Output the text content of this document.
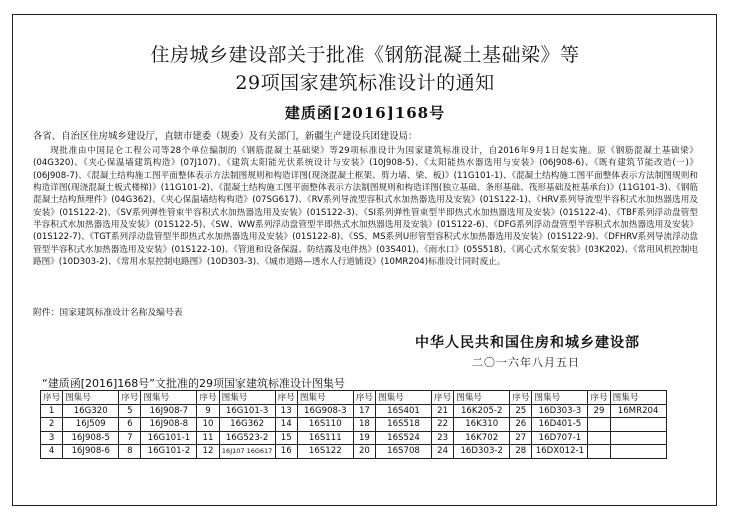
住房城乡建设部关于批准《钢筋混凝土基础梁》等
29项国家建筑标准设计的通知
建质函[2016]168号
各省、自治区住房城乡建设厅，直辖市建委（规委）及有关部门，新疆生产建设兵团建设局：
现批准由中国昆仑工程公司等28个单位编制的《钢筋混凝土基础梁》等29项标准设计为国家建筑标准设计，自2016年9月1日起实施。原《钢筋混凝土基础梁》(04G320)、《夹心保温墙建筑构造》(07J107)、《建筑太阳能光伏系统设计与安装》(10J908-5)、《太阳能热水器选用与安装》(06J908-6)、《既有建筑节能改造(一)》(06J908-7)、《混凝土结构施工图平面整体表示方法制图规则和构造详图(现浇混凝土框架、剪力墙、梁、板)》(11G101-1)、《混凝土结构施工图平面整体表示方法制图规则和构造详图(现浇混凝土板式楼梯)》(11G101-2)、《混凝土结构施工图平面整体表示方法制图规则和构造详图(独立基础、条形基础、筏形基础及桩基承台)》(11G101-3)、《钢筋混凝土结构预埋件》(04G362)、《夹心保温墙结构构造》(07SG617)、《RV系列导流型容积式水加热器选用及安装》(01S122-1)、《HRV系列导流型半容积式水加热器选用及安装》(01S122-2)、《SV系列弹性管束半容积式水加热器选用及安装》(01S122-3)、《SI系列弹性管束型半即热式水加热器选用及安装》(01S122-4)、《TBF系列浮动盘管型半容积式水加热器选用及安装》(01S122-5)、《SW、WW系列浮动盘管型半即热式水加热器选用及安装》(01S122-6)、《DFG系列浮动盘管型半容积式水加热器选用及安装》(01S122-7)、《TGT系列浮动盘管型半即热式水加热器选用及安装》(01S122-8)、《SS、MS系列U形管型容积式水加热器选用及安装》(01S122-9)、《DFHRV系列导流浮动盘管型半容积式水加热器选用及安装》(01S122-10)、《管道和设备保温、防结露及电伴热》(03S401)、《雨水口》(05S518)、《离心式水泵安装》(03K202)、《常用风机控制电路图》(10D303-2)、《常用水泵控制电路图》(10D303-3)、《城市道路—透水人行道铺设》(10MR204)标准设计同时废止。
附件：国家建筑标准设计名称及编号表
中华人民共和国住房和城乡建设部
二〇一六年八月五日
“建质函[2016]168号”文批准的29项国家建筑标准设计图集号
序号	图集号	序号	图集号	序号	图集号	序号	图集号	序号	图集号	序号	图集号	序号	图集号	序号	图集号
1	16G320	5	16J908-7	9	16G101-3	13	16G908-3	17	16S401	21	16K205-2	25	16D303-3	29	16MR204
2	16J509	6	16J908-8	10	16G362	14	16S110	18	16S518	22	16K310	26	16D401-5		
3	16J908-5	7	16G101-1	11	16G523-2	15	16S111	19	16S524	23	16K702	27	16D707-1		
4	16J908-6	8	16G101-2	12	16J107 16G617	16	16S122	20	16S708	24	16D303-2	28	16DX012-1		
